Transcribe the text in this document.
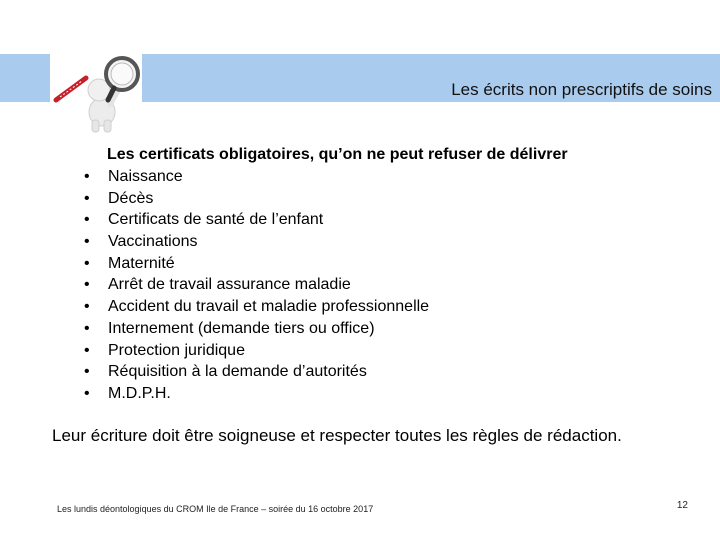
Les écrits non prescriptifs de soins
Les certificats obligatoires, qu’on ne peut refuser de délivrer
• Naissance
• Décès
• Certificats de santé de l’enfant
• Vaccinations
• Maternité
• Arrêt de travail assurance maladie
• Accident du travail et maladie professionnelle
• Internement (demande tiers ou office)
• Protection juridique
• Réquisition à la demande d’autorités
• M.D.P.H.
Leur écriture doit être soigneuse et respecter toutes les règles de rédaction.
Les lundis déontologiques du CROM Ile de France – soirée du 16 octobre 2017	12
